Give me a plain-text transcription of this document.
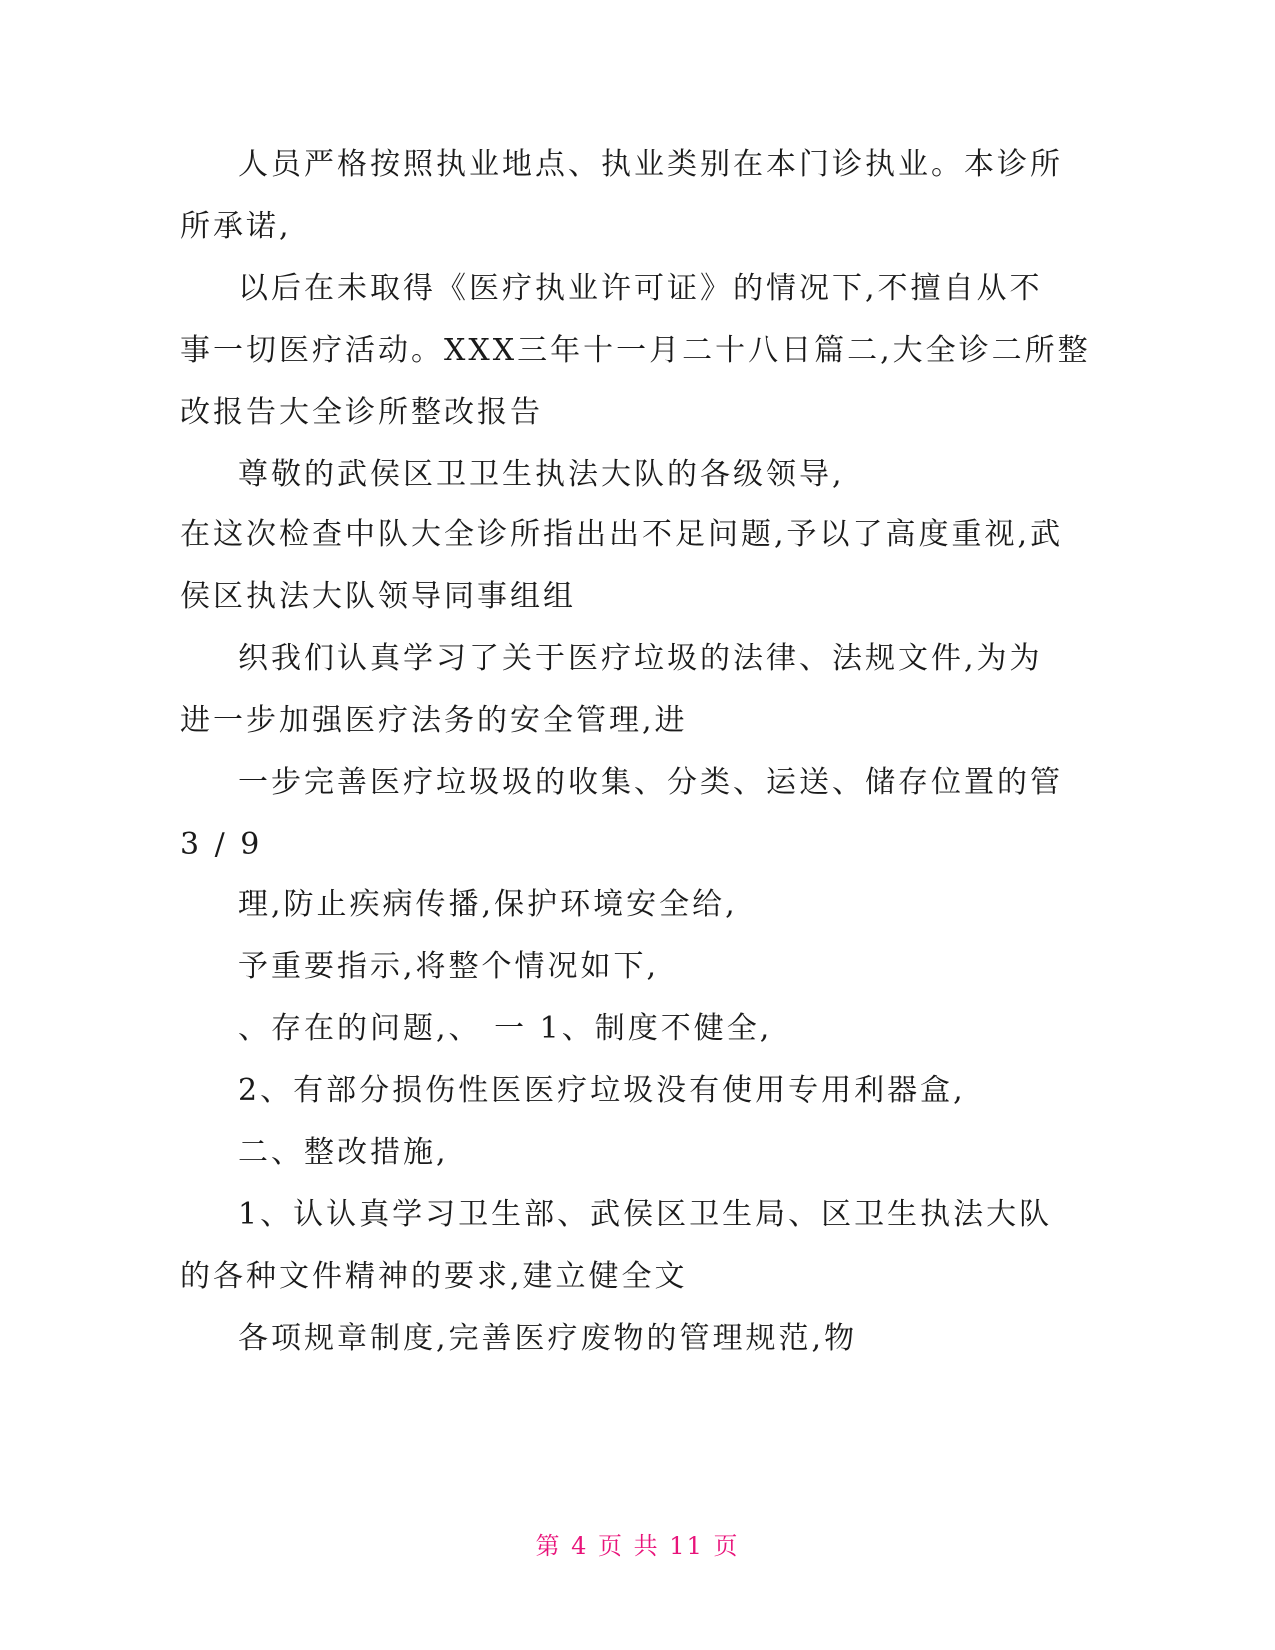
人员严格按照执业地点、执业类别在本门诊执业。本诊所
所承诺,
以后在未取得《医疗执业许可证》的情况下,不擅自从不
事一切医疗活动。XXX三年十一月二十八日篇二,大全诊二所整
改报告大全诊所整改报告
尊敬的武侯区卫卫生执法大队的各级领导,
在这次检查中队大全诊所指出出不足问题,予以了高度重视,武
侯区执法大队领导同事组组
织我们认真学习了关于医疗垃圾的法律、法规文件,为为
进一步加强医疗法务的安全管理,进
一步完善医疗垃圾圾的收集、分类、运送、储存位置的管
3 / 9
理,防止疾病传播,保护环境安全给,
予重要指示,将整个情况如下,
、存在的问题,、 一 1、制度不健全,
2、有部分损伤性医医疗垃圾没有使用专用利器盒,
二、整改措施,
1、认认真学习卫生部、武侯区卫生局、区卫生执法大队
的各种文件精神的要求,建立健全文
各项规章制度,完善医疗废物的管理规范,物
第 4 页 共 11 页
